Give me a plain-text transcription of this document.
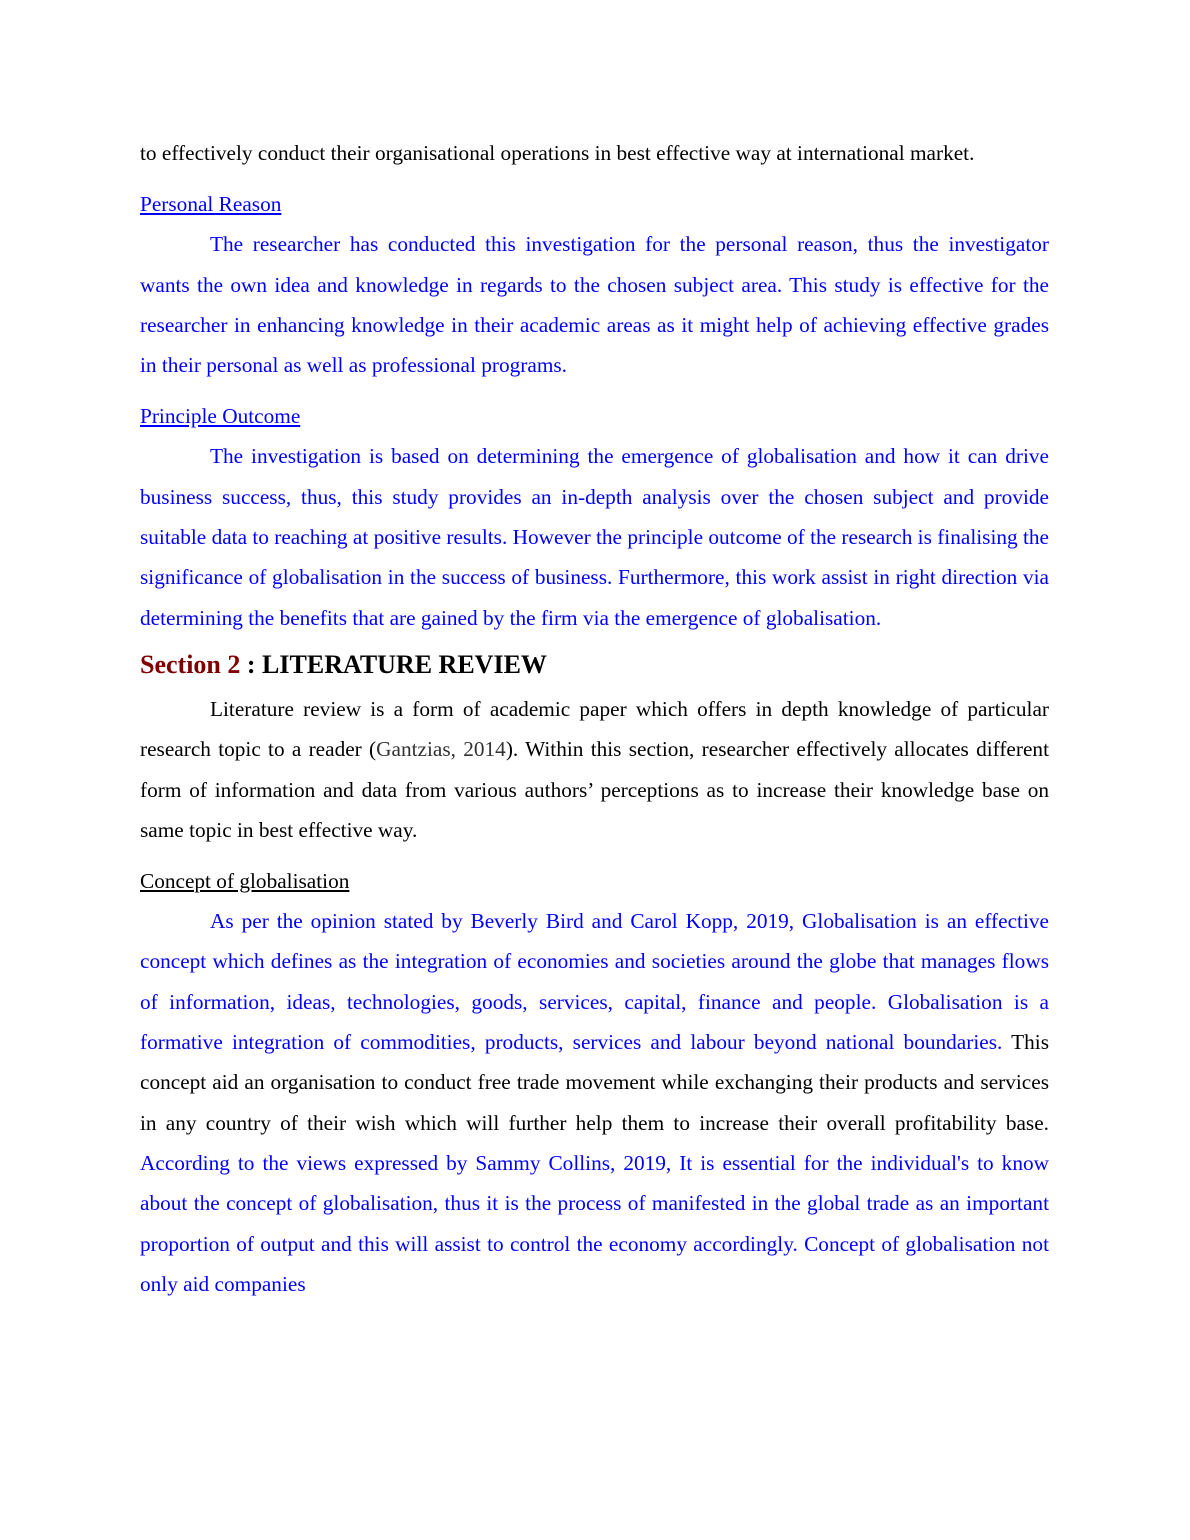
to effectively conduct their organisational operations in best effective way at international market.

Personal Reason

The researcher has conducted this investigation for the personal reason, thus the investigator wants the own idea and knowledge in regards to the chosen subject area. This study is effective for the researcher in enhancing knowledge in their academic areas as it might help of achieving effective grades in their personal as well as professional programs.

Principle Outcome

The investigation is based on determining the emergence of globalisation and how it can drive business success, thus, this study provides an in-depth analysis over the chosen subject and provide suitable data to reaching at positive results. However the principle outcome of the research is finalising the significance of globalisation in the success of business. Furthermore, this work assist in right direction via determining the benefits that are gained by the firm via the emergence of globalisation.

Section 2 : LITERATURE REVIEW

Literature review is a form of academic paper which offers in depth knowledge of particular research topic to a reader (Gantzias, 2014). Within this section, researcher effectively allocates different form of information and data from various authors’ perceptions as to increase their knowledge base on same topic in best effective way.

Concept of globalisation

As per the opinion stated by Beverly Bird and Carol Kopp, 2019, Globalisation is an effective concept which defines as the integration of economies and societies around the globe that manages flows of information, ideas, technologies, goods, services, capital, finance and people. Globalisation is a formative integration of commodities, products, services and labour beyond national boundaries. This concept aid an organisation to conduct free trade movement while exchanging their products and services in any country of their wish which will further help them to increase their overall profitability base. According to the views expressed by Sammy Collins, 2019, It is essential for the individual's to know about the concept of globalisation, thus it is the process of manifested in the global trade as an important proportion of output and this will assist to control the economy accordingly. Concept of globalisation not only aid companies
